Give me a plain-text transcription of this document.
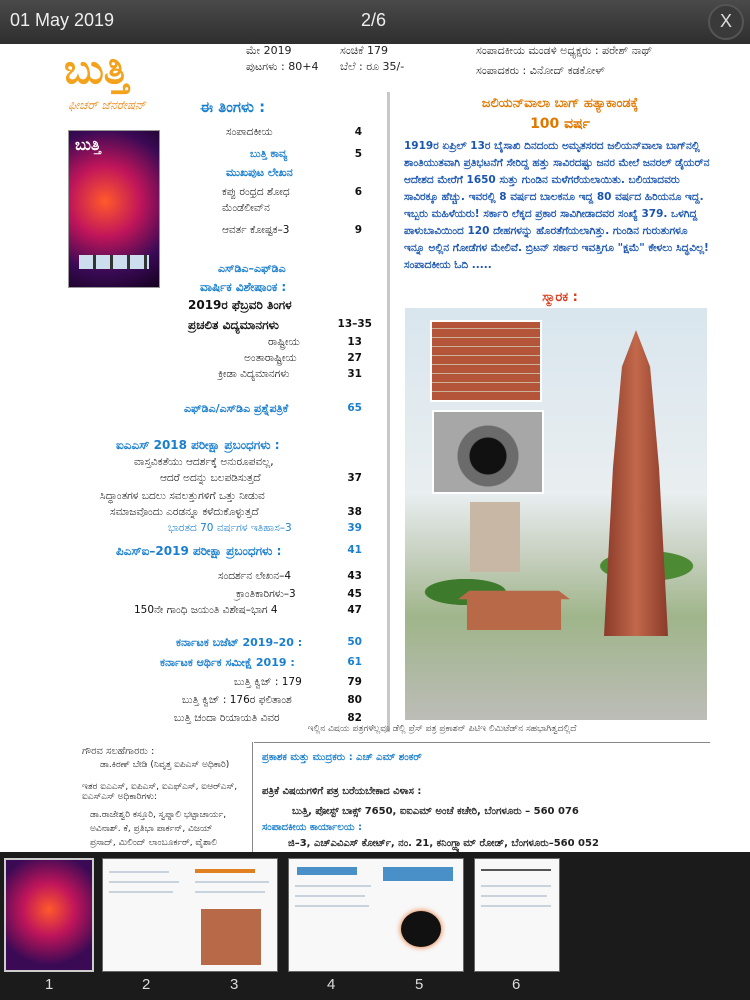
01 May 2019	2/6	X
ಬುತ್ತಿ
ಫೀಚರ್ ಜೆನರೇಷನ್
ಮೇ 2019	ಸಂಚಿಕೆ 179
ಪುಟಗಳು : 80+4 ಬೆಲೆ : ರೂ 35/-
ಸಂಪಾದಕೀಯ ಮಂಡಳಿ ಅಧ್ಯಕ್ಷರು : ಪರೇಶ್ ನಾಥ್
ಸಂಪಾದಕರು : ವಿನೋದ್ ಕಡಕೋಳ್
ಬುತ್ತಿ
ಈ ತಿಂಗಳು :
ಸಂಪಾದಕೀಯ	4
ಬುತ್ತಿ ಕಾವ್ಯ	5
ಮುಖಪುಟ ಲೇಖನ
ಕಪ್ಪು ರಂಧ್ರದ ಶೋಧ	6
ಮೆಂಡೆಲೀವ್‌ನ
ಆವರ್ತ ಕೋಷ್ಟಕ–3	9
ಎಸ್‌ಡಿಎ–ಎಫ್‌ಡಿಎ
ವಾರ್ಷಿಕ ವಿಶೇಷಾಂಕ :
2019ರ ಫೆಬ್ರವರಿ ತಿಂಗಳ
ಪ್ರಚಲಿತ ವಿದ್ಯಮಾನಗಳು	13–35
ರಾಷ್ಟ್ರೀಯ	13
ಅಂತಾರಾಷ್ಟ್ರೀಯ	27
ಕ್ರೀಡಾ ವಿದ್ಯಮಾನಗಳು	31
ಎಫ್‌ಡಿಎ/ಎಸ್‌ಡಿಎ ಪ್ರಶ್ನೆಪತ್ರಿಕೆ	65
ಐಎಎಸ್ 2018 ಪರೀಕ್ಷಾ ಪ್ರಬಂಧಗಳು :
ವಾಸ್ತವಿಕತೆಯು ಆದರ್ಶಕ್ಕೆ ಅನುರೂಪವಲ್ಲ,
ಆದರೆ ಅದನ್ನು ಬಲಪಡಿಸುತ್ತದೆ	37
ಸಿದ್ಧಾಂತಗಳ ಬದಲು ಸವಲತ್ತುಗಳಿಗೆ ಒತ್ತು ನೀಡುವ
ಸಮಾಜವೊಂದು ಎರಡನ್ನೂ ಕಳೆದುಕೊಳ್ಳುತ್ತದೆ	38
ಭಾರತದ 70 ವರ್ಷಗಳ ಇತಿಹಾಸ–3	39
ಪಿಎಸ್‌ಐ–2019 ಪರೀಕ್ಷಾ ಪ್ರಬಂಧಗಳು :	41
ಸಂದರ್ಶನ ಲೇಖನ–4	43
ಕ್ರಾಂತಿಕಾರಿಗಳು–3	45
150ನೇ ಗಾಂಧಿ ಜಯಂತಿ ವಿಶೇಷ–ಭಾಗ 4	47
ಕರ್ನಾಟಕ ಬಜೆಟ್ 2019–20 :	50
ಕರ್ನಾಟಕ ಆರ್ಥಿಕ ಸಮೀಕ್ಷೆ 2019 :	61
ಬುತ್ತಿ ಕ್ವಿಜ್ : 179	79
ಬುತ್ತಿ ಕ್ವಿಜ್ : 176ರ ಫಲಿತಾಂಶ	80
ಬುತ್ತಿ ಚಂದಾ ರಿಯಾಯತಿ ವಿವರ	82
ಜಲಿಯನ್‌ವಾಲಾ ಬಾಗ್ ಹತ್ಯಾಕಾಂಡಕ್ಕೆ
100 ವರ್ಷ
1919ರ ಏಪ್ರಿಲ್ 13ರ ಬೈಸಾಖಿ ದಿನದಂದು ಅಮೃತಸರದ ಜಲಿಯನ್‌ವಾಲಾ ಬಾಗ್‌ನಲ್ಲಿ ಶಾಂತಿಯುತವಾಗಿ ಪ್ರತಿಭಟನೆಗೆ ಸೇರಿದ್ದ ಹತ್ತು ಸಾವಿರದಷ್ಟು ಜನರ ಮೇಲೆ ಜನರಲ್ ಡೈಯರ್‌ನ ಆದೇಶದ ಮೇರೆಗೆ 1650 ಸುತ್ತು ಗುಂಡಿನ ಮಳೆಗರೆಯಲಾಯಿತು. ಬಲಿಯಾದವರು ಸಾವಿರಕ್ಕೂ ಹೆಚ್ಚು. ಇವರಲ್ಲಿ 8 ವರ್ಷದ ಬಾಲಕನೂ ಇದ್ದ 80 ವರ್ಷದ ಹಿರಿಯನೂ ಇದ್ದ. ಇಬ್ಬರು ಮಹಿಳೆಯರು! ಸರ್ಕಾರಿ ಲೆಕ್ಕದ ಪ್ರಕಾರ ಸಾವಿಗೀಡಾದವರ ಸಂಖ್ಯೆ 379. ಒಳಗಿದ್ದ ಪಾಳುಬಾವಿಯಿಂದ 120 ದೇಹಗಳನ್ನು ಹೊರತೆಗೆಯಲಾಗಿತ್ತು. ಗುಂಡಿನ ಗುರುತುಗಳೂ ಇನ್ನೂ ಅಲ್ಲಿನ ಗೋಡೆಗಳ ಮೇಲಿವೆ. ಬ್ರಿಟನ್ ಸರ್ಕಾರ ಇವತ್ತಿಗೂ "ಕ್ಷಮೆ" ಕೇಳಲು ಸಿದ್ಧವಿಲ್ಲ! ಸಂಪಾದಕೀಯ ಓದಿ .....
ಸ್ಮಾರಕ :
ಇಲ್ಲಿನ ವಿಷಯ ಪತ್ರಗಳೆಲ್ಲವೂ ಡೆಲ್ಲಿ ಪ್ರೆಸ್ ಪತ್ರ ಪ್ರಕಾಶನ್ ಪಿಟಿಇ ಲಿಮಿಟೆಡ್‌ನ ಸಹಭಾಗಿತ್ವದಲ್ಲಿದೆ
ಗೌರವ ಸಲಹೆಗಾರರು :
ಡಾ.ಕಿರಣ್ ಬೇಡಿ (ನಿವೃತ್ತ ಐಪಿಎಸ್ ಅಧಿಕಾರಿ)
ಇತರ ಐಎಎಸ್, ಐಪಿಎಸ್, ಐಎಫ್‌ಎಸ್, ಐಆರ್‌ಎಸ್, ಐಎಸ್ಎಸ್ ಅಧಿಕಾರಿಗಳು:
ಡಾ.ರಾಜೇಶ್ವರಿ ಕಸ್ತೂರಿ, ಸ್ವಪ್ನಾಲಿ ಭಟ್ಟಾಚಾರ್ಯ,
ಅವಿನಾಶ್. ಕೆ, ಪ್ರತಿಭಾ ಪಾರ್ಕನ್, ವಿಜಯ್
ಪ್ರಸಾದ್, ಮಿಲಿಂದ್ ಲಾಂಬೂರ್ಕರ್, ವೈಶಾಲಿ
ಪ್ರಕಾಶಕ ಮತ್ತು ಮುದ್ರಕರು : ಎಚ್ ಎಮ್ ಶಂಕರ್
ಪತ್ರಿಕೆ ವಿಷಯಗಳಿಗೆ ಪತ್ರ ಬರೆಯಬೇಕಾದ ವಿಳಾಸ :
ಬುತ್ತಿ, ಪೋಸ್ಟ್ ಬಾಕ್ಸ್ 7650, ಐಐಎಮ್ ಅಂಚೆ ಕಚೇರಿ, ಬೆಂಗಳೂರು – 560 076
ಸಂಪಾದಕೀಯ ಕಾರ್ಯಾಲಯ :
ಜಿ–3, ಎಚ್‌ಎವಿಎಸ್ ಕೋರ್ಟ್, ನಂ. 21, ಕನಿಂಗ್ಹ್ಯಾಮ್ ರೋಡ್, ಬೆಂಗಳೂರು–560 052
1	2	3	4	5	6
